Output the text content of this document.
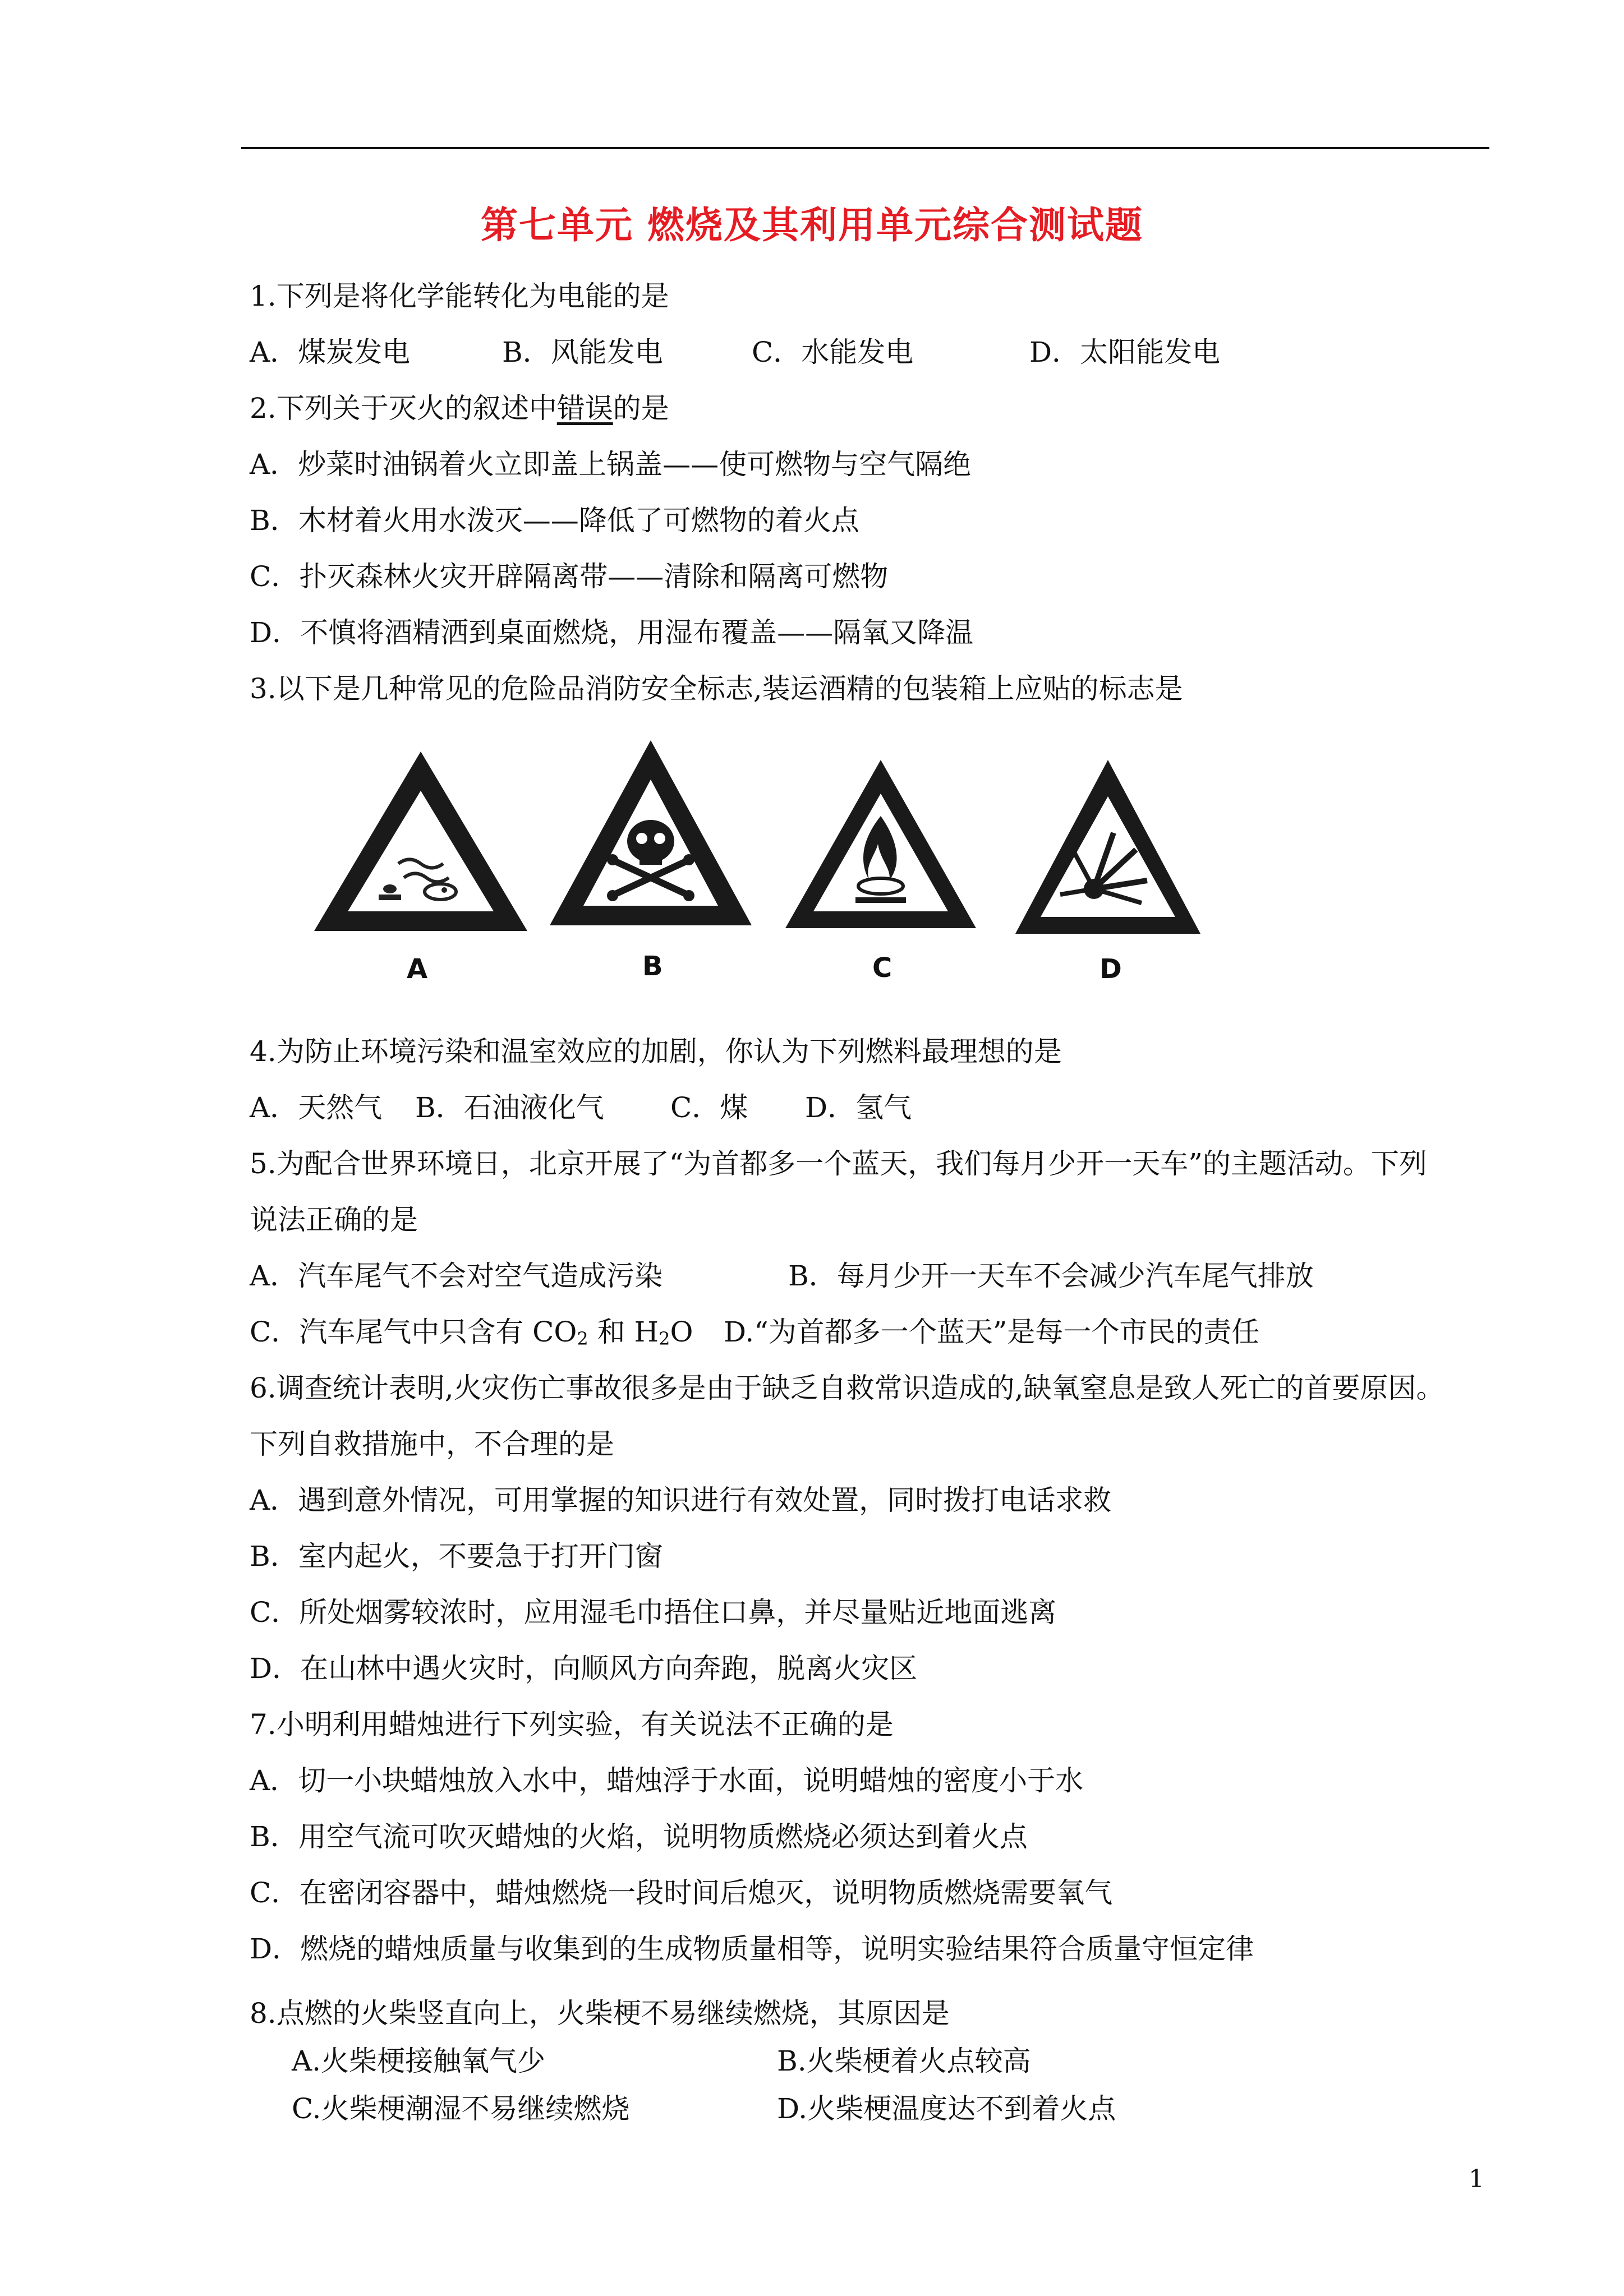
第七单元 燃烧及其利用单元综合测试题
1.下列是将化学能转化为电能的是
A．煤炭发电	B．风能发电	C．水能发电	D．太阳能发电
2.下列关于灭火的叙述中错误的是
A．炒菜时油锅着火立即盖上锅盖——使可燃物与空气隔绝
B．木材着火用水泼灭——降低了可燃物的着火点
C．扑灭森林火灾开辟隔离带——清除和隔离可燃物
D．不慎将酒精洒到桌面燃烧，用湿布覆盖——隔氧又降温
3.以下是几种常见的危险品消防安全标志,装运酒精的包装箱上应贴的标志是
A	B	C	D
4.为防止环境污染和温室效应的加剧，你认为下列燃料最理想的是
A．天然气 B．石油液化气 C．煤 D．氢气
5.为配合世界环境日，北京开展了“为首都多一个蓝天，我们每月少开一天车”的主题活动。下列
说法正确的是
A．汽车尾气不会对空气造成污染	B．每月少开一天车不会减少汽车尾气排放
C．汽车尾气中只含有 $CO_2$ 和 $H_2O$ D.“为首都多一个蓝天”是每一个市民的责任
6.调查统计表明,火灾伤亡事故很多是由于缺乏自救常识造成的,缺氧窒息是致人死亡的首要原因。
下列自救措施中，不合理的是
A．遇到意外情况，可用掌握的知识进行有效处置，同时拨打电话求救
B．室内起火，不要急于打开门窗
C．所处烟雾较浓时，应用湿毛巾捂住口鼻，并尽量贴近地面逃离
D．在山林中遇火灾时，向顺风方向奔跑，脱离火灾区
7.小明利用蜡烛进行下列实验，有关说法不正确的是
A．切一小块蜡烛放入水中，蜡烛浮于水面，说明蜡烛的密度小于水
B．用空气流可吹灭蜡烛的火焰，说明物质燃烧必须达到着火点
C．在密闭容器中，蜡烛燃烧一段时间后熄灭，说明物质燃烧需要氧气
D．燃烧的蜡烛质量与收集到的生成物质量相等，说明实验结果符合质量守恒定律
8.点燃的火柴竖直向上，火柴梗不易继续燃烧，其原因是
A.火柴梗接触氧气少	B.火柴梗着火点较高
C.火柴梗潮湿不易继续燃烧	D.火柴梗温度达不到着火点
1
